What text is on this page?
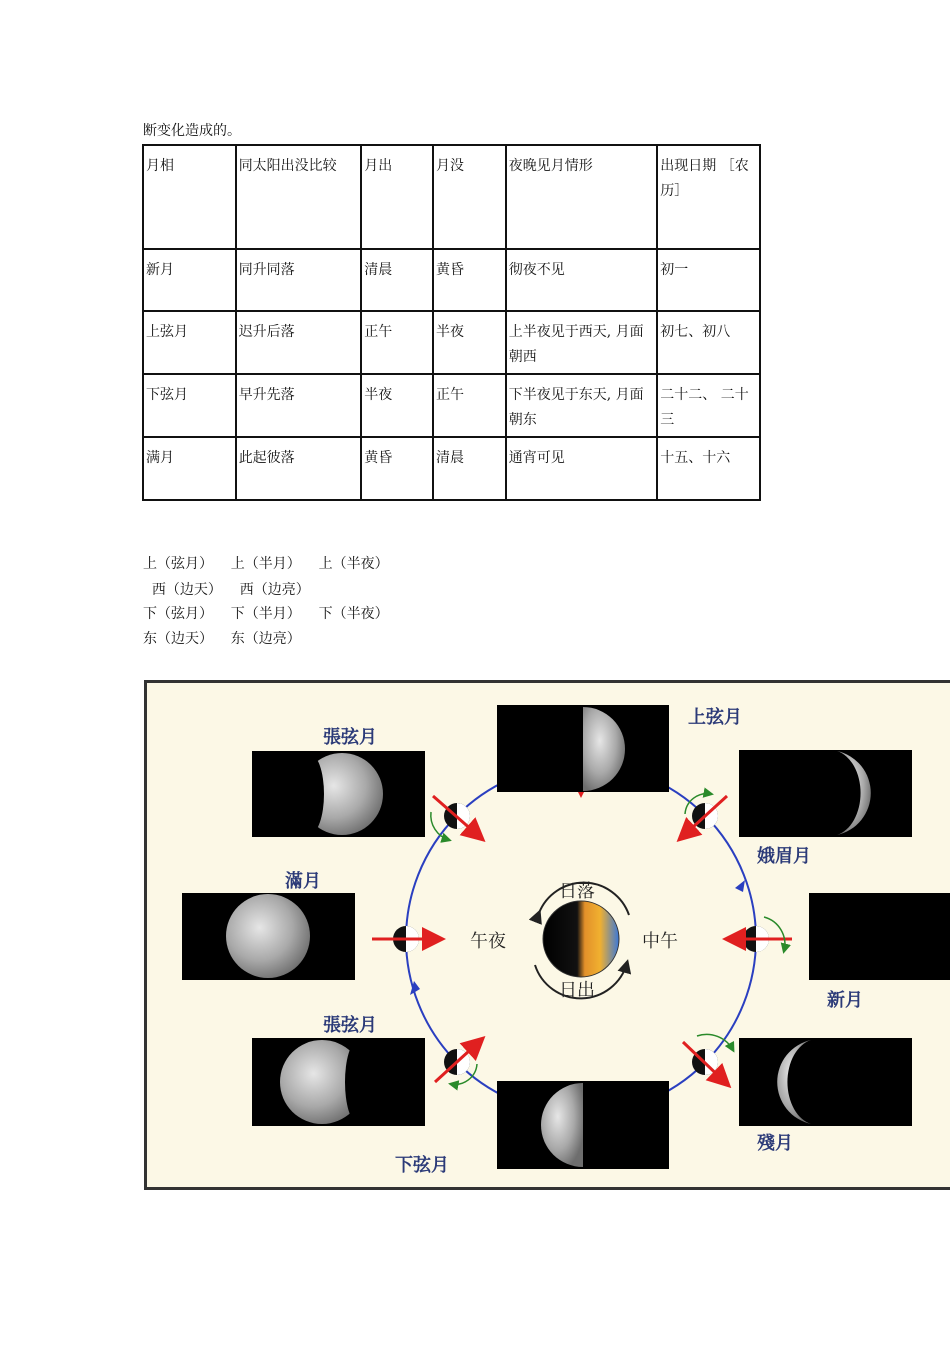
断变化造成的。
月相	同太阳出没比较	月出	月没	夜晚见月情形	出现日期 ［农历］
新月	同升同落	清晨	黄昏	彻夜不见	初一
上弦月	迟升后落	正午	半夜	上半夜见于西天, 月面朝西	初七、初八
下弦月	早升先落	半夜	正午	下半夜见于东天, 月面朝东	二十二、 二十三
满月	此起彼落	黄昏	清晨	通宵可见	十五、十六
上（弦月）    上（半月）    上（半夜）
西（边天）    西（边亮）
下（弦月）    下（半月）    下（半夜）
东（边天）    东（边亮）
上弦月
張弦月
娥眉月
滿月
新月
張弦月
下弦月
殘月
日落
午夜	中午
日出
